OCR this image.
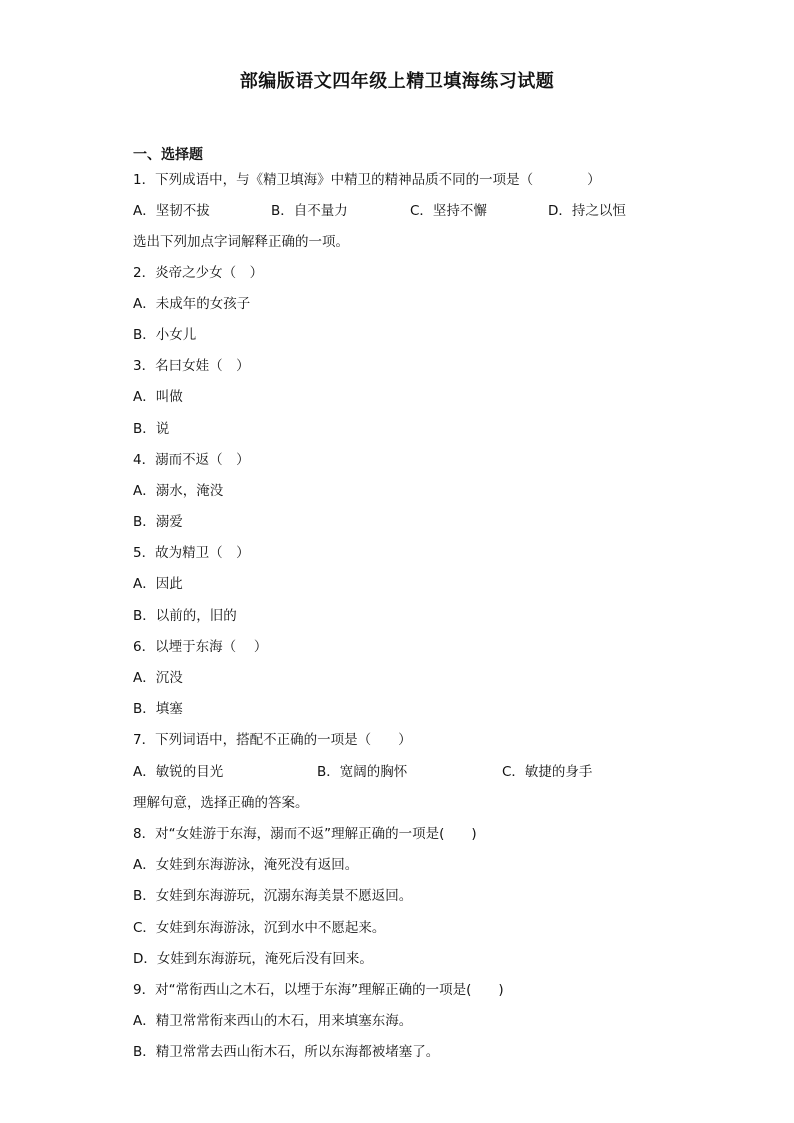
部编版语文四年级上精卫填海练习试题
一、选择题
1．下列成语中，与《精卫填海》中精卫的精神品质不同的一项是（　　　　）
A．坚韧不拔	B．自不量力	C．坚持不懈	D．持之以恒
选出下列加点字词解释正确的一项。
2．炎帝之少女（　）
A．未成年的女孩子
B．小女儿
3．名曰女娃（　）
A．叫做
B．说
4．溺而不返（　）
A．溺水，淹没
B．溺爱
5．故为精卫（　）
A．因此
B．以前的，旧的
6．以堙于东海（　 ）
A．沉没
B．填塞
7．下列词语中，搭配不正确的一项是（　　）
A．敏锐的目光	B．宽阔的胸怀	C．敏捷的身手
理解句意，选择正确的答案。
8．对“女娃游于东海，溺而不返”理解正确的一项是(　　)
A．女娃到东海游泳，淹死没有返回。
B．女娃到东海游玩，沉溺东海美景不愿返回。
C．女娃到东海游泳，沉到水中不愿起来。
D．女娃到东海游玩，淹死后没有回来。
9．对“常衔西山之木石，以堙于东海”理解正确的一项是(　　)
A．精卫常常衔来西山的木石，用来填塞东海。
B．精卫常常去西山衔木石，所以东海都被堵塞了。
